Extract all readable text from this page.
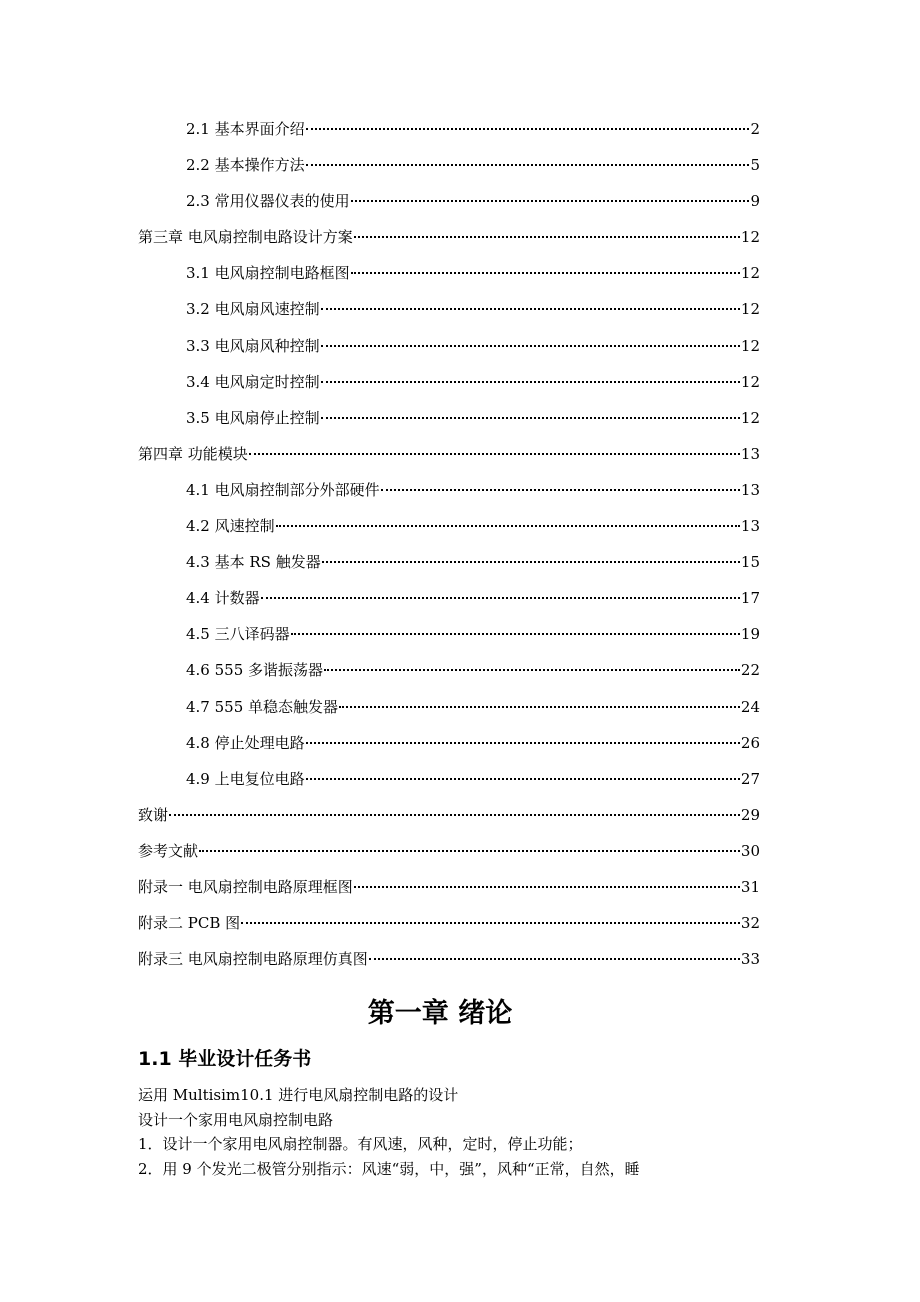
2.1 基本界面介绍	2
2.2 基本操作方法	5
2.3 常用仪器仪表的使用	9
第三章 电风扇控制电路设计方案	12
3.1 电风扇控制电路框图	12
3.2 电风扇风速控制	12
3.3 电风扇风种控制	12
3.4 电风扇定时控制	12
3.5 电风扇停止控制	12
第四章 功能模块	13
4.1 电风扇控制部分外部硬件	13
4.2 风速控制	13
4.3 基本 RS 触发器	15
4.4 计数器	17
4.5 三八译码器	19
4.6 555 多谐振荡器	22
4.7 555 单稳态触发器	24
4.8 停止处理电路	26
4.9 上电复位电路	27
致谢	29
参考文献	30
附录一 电风扇控制电路原理框图	31
附录二 PCB 图	32
附录三 电风扇控制电路原理仿真图	33
第一章 绪论
1.1 毕业设计任务书
运用 Multisim10.1 进行电风扇控制电路的设计
设计一个家用电风扇控制电路
1．设计一个家用电风扇控制器。有风速，风种，定时，停止功能；
2．用 9 个发光二极管分别指示：风速“弱，中，强”，风种“正常，自然，睡
